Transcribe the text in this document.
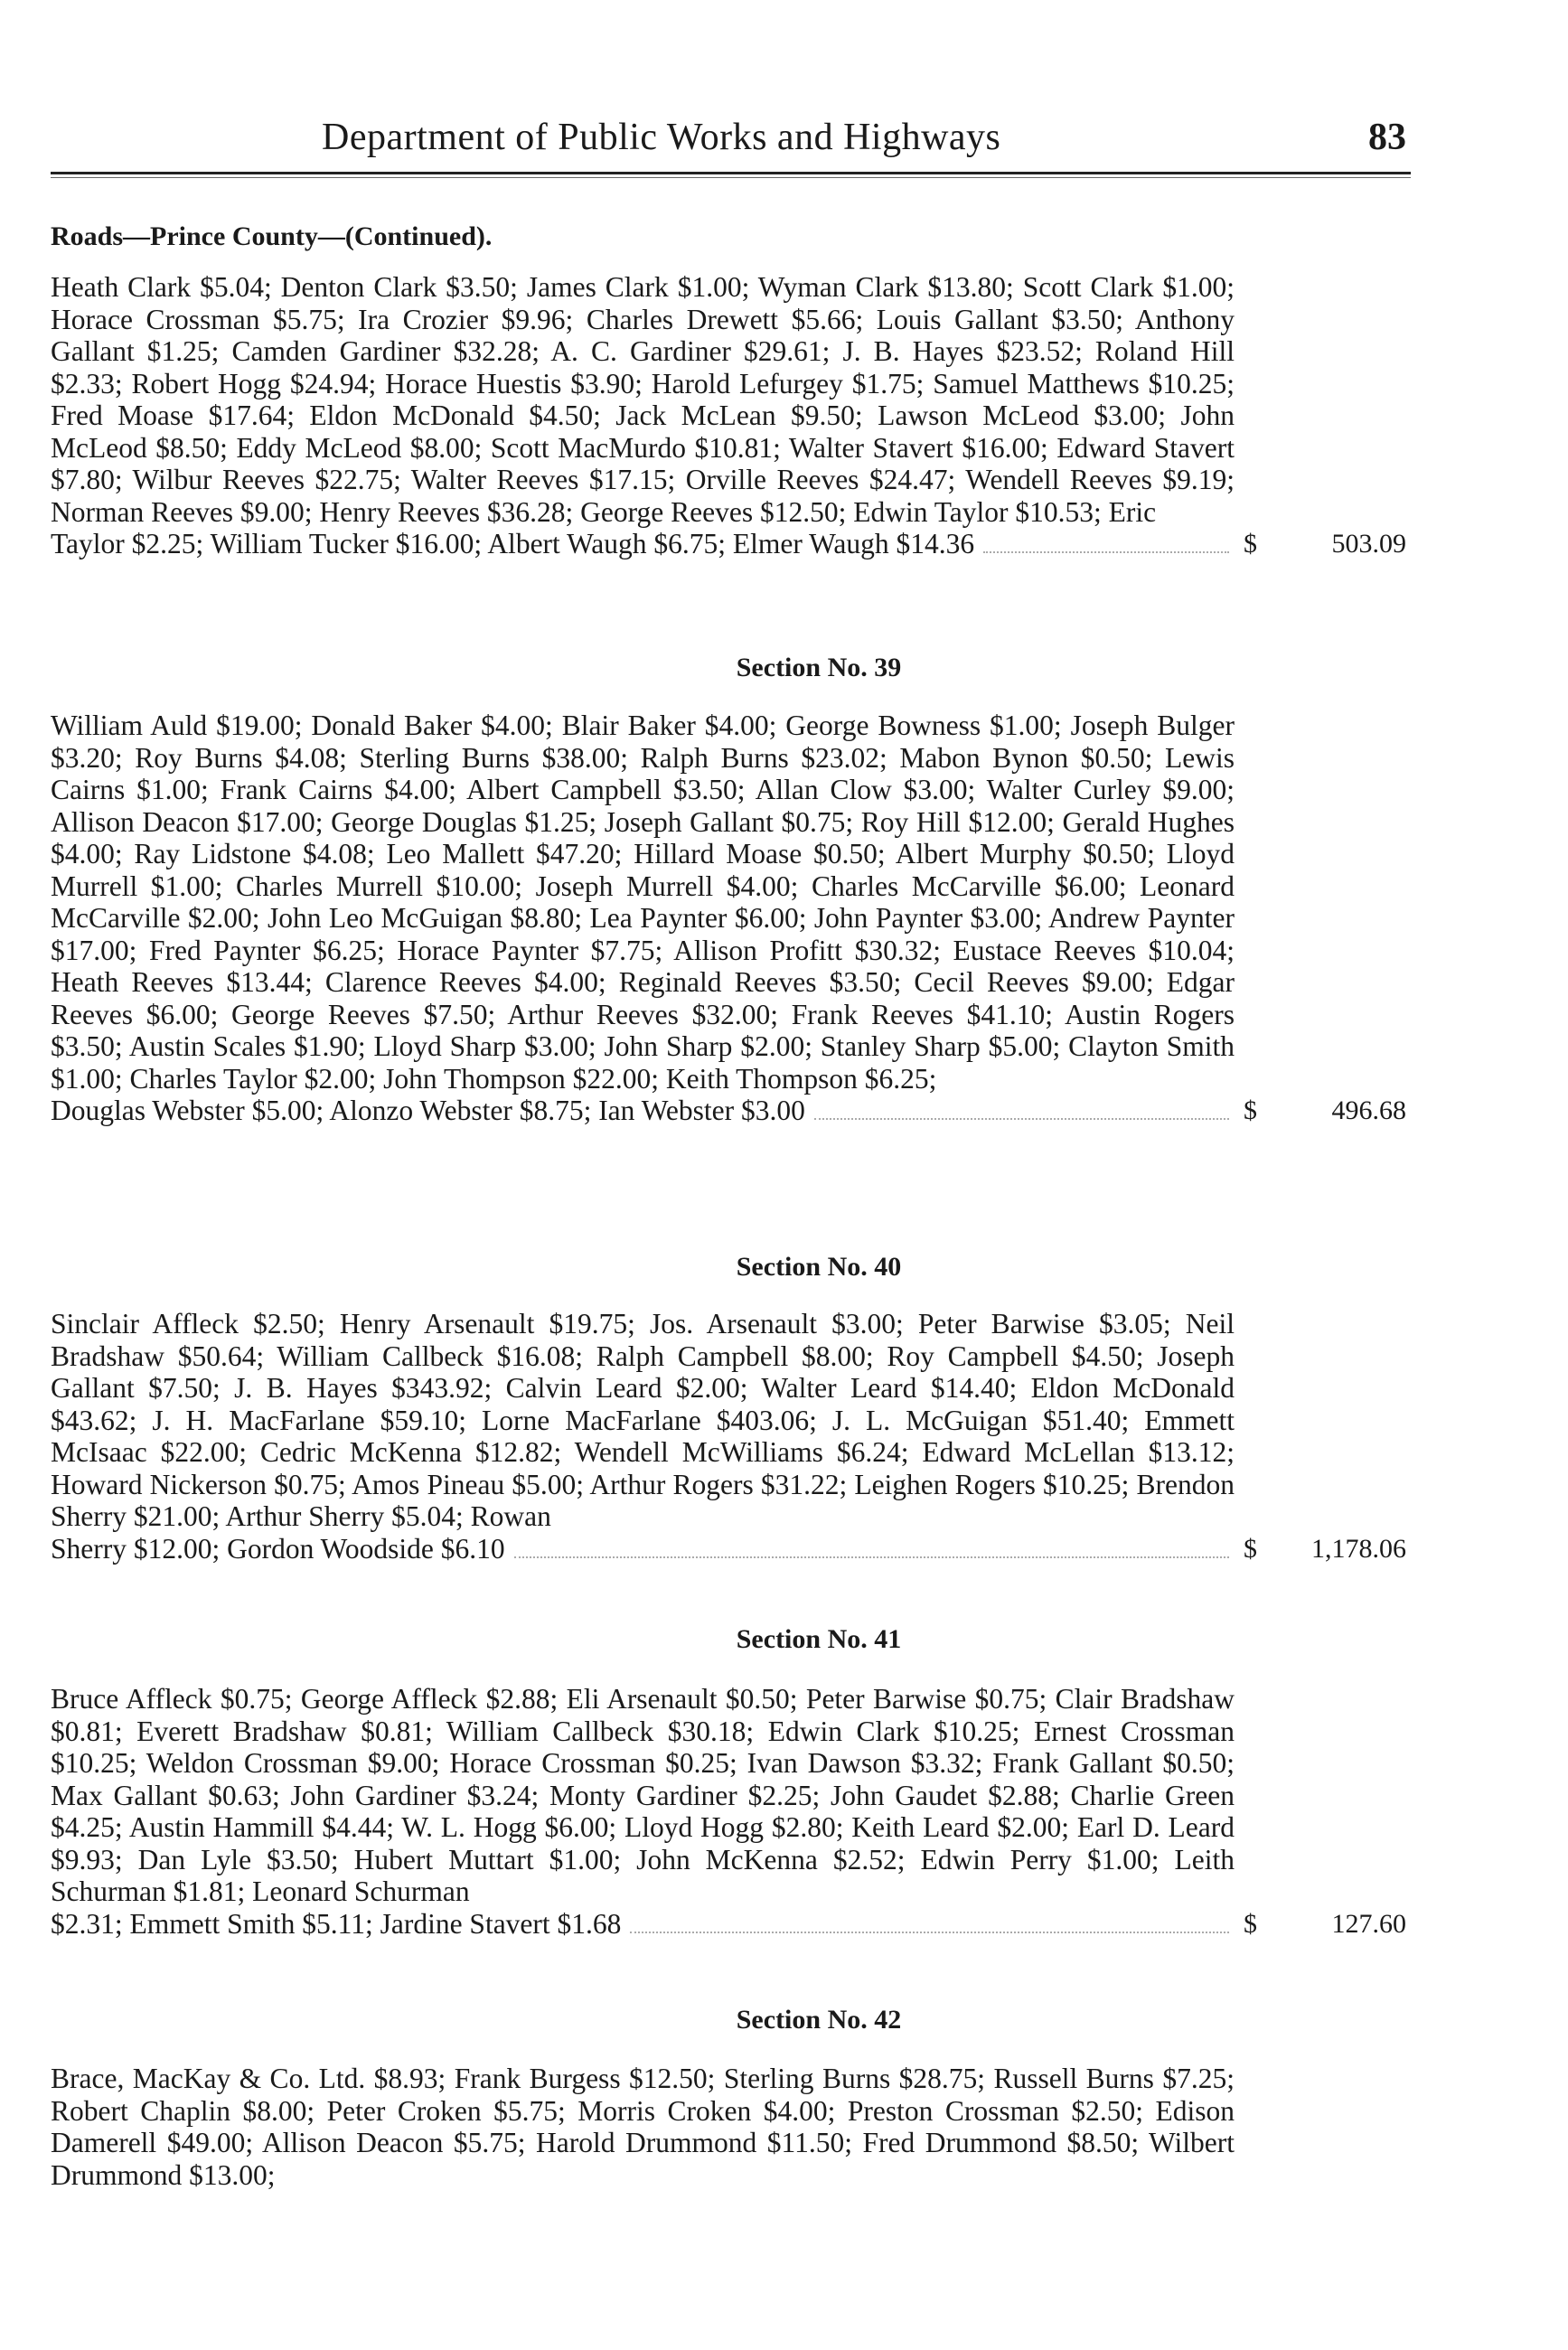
Department of Public Works and Highways	83
Roads—Prince County—(Continued).
Heath Clark $5.04; Denton Clark $3.50; James Clark $1.00; Wyman Clark $13.80; Scott Clark $1.00; Horace Crossman $5.75; Ira Crozier $9.96; Charles Drewett $5.66; Louis Gallant $3.50; Anthony Gallant $1.25; Camden Gardiner $32.28; A. C. Gardiner $29.61; J. B. Hayes $23.52; Roland Hill $2.33; Robert Hogg $24.94; Horace Huestis $3.90; Harold Lefurgey $1.75; Samuel Matthews $10.25; Fred Moase $17.64; Eldon McDonald $4.50; Jack McLean $9.50; Lawson McLeod $3.00; John McLeod $8.50; Eddy McLeod $8.00; Scott MacMurdo $10.81; Walter Stavert $16.00; Edward Stavert $7.80; Wilbur Reeves $22.75; Walter Reeves $17.15; Orville Reeves $24.47; Wendell Reeves $9.19; Norman Reeves $9.00; Henry Reeves $36.28; George Reeves $12.50; Edwin Taylor $10.53; Eric
Taylor $2.25; William Tucker $16.00; Albert Waugh $6.75; Elmer Waugh $14.36	$	503.09
Section No. 39
William Auld $19.00; Donald Baker $4.00; Blair Baker $4.00; George Bowness $1.00; Joseph Bulger $3.20; Roy Burns $4.08; Sterling Burns $38.00; Ralph Burns $23.02; Mabon Bynon $0.50; Lewis Cairns $1.00; Frank Cairns $4.00; Albert Campbell $3.50; Allan Clow $3.00; Walter Curley $9.00; Allison Deacon $17.00; George Douglas $1.25; Joseph Gallant $0.75; Roy Hill $12.00; Gerald Hughes $4.00; Ray Lidstone $4.08; Leo Mallett $47.20; Hillard Moase $0.50; Albert Murphy $0.50; Lloyd Murrell $1.00; Charles Murrell $10.00; Joseph Murrell $4.00; Charles McCarville $6.00; Leonard McCarville $2.00; John Leo McGuigan $8.80; Lea Paynter $6.00; John Paynter $3.00; Andrew Paynter $17.00; Fred Paynter $6.25; Horace Paynter $7.75; Allison Profitt $30.32; Eustace Reeves $10.04; Heath Reeves $13.44; Clarence Reeves $4.00; Reginald Reeves $3.50; Cecil Reeves $9.00; Edgar Reeves $6.00; George Reeves $7.50; Arthur Reeves $32.00; Frank Reeves $41.10; Austin Rogers $3.50; Austin Scales $1.90; Lloyd Sharp $3.00; John Sharp $2.00; Stanley Sharp $5.00; Clayton Smith $1.00; Charles Taylor $2.00; John Thompson $22.00; Keith Thompson $6.25;
Douglas Webster $5.00; Alonzo Webster $8.75; Ian Webster $3.00	$	496.68
Section No. 40
Sinclair Affleck $2.50; Henry Arsenault $19.75; Jos. Arsenault $3.00; Peter Barwise $3.05; Neil Bradshaw $50.64; William Callbeck $16.08; Ralph Campbell $8.00; Roy Campbell $4.50; Joseph Gallant $7.50; J. B. Hayes $343.92; Calvin Leard $2.00; Walter Leard $14.40; Eldon McDonald $43.62; J. H. MacFarlane $59.10; Lorne MacFarlane $403.06; J. L. McGuigan $51.40; Emmett McIsaac $22.00; Cedric McKenna $12.82; Wendell McWilliams $6.24; Edward McLellan $13.12; Howard Nickerson $0.75; Amos Pineau $5.00; Arthur Rogers $31.22; Leighen Rogers $10.25; Brendon Sherry $21.00; Arthur Sherry $5.04; Rowan
Sherry $12.00; Gordon Woodside $6.10	$ 1,178.06
Section No. 41
Bruce Affleck $0.75; George Affleck $2.88; Eli Arsenault $0.50; Peter Barwise $0.75; Clair Bradshaw $0.81; Everett Bradshaw $0.81; William Callbeck $30.18; Edwin Clark $10.25; Ernest Crossman $10.25; Weldon Crossman $9.00; Horace Crossman $0.25; Ivan Dawson $3.32; Frank Gallant $0.50; Max Gallant $0.63; John Gardiner $3.24; Monty Gardiner $2.25; John Gaudet $2.88; Charlie Green $4.25; Austin Hammill $4.44; W. L. Hogg $6.00; Lloyd Hogg $2.80; Keith Leard $2.00; Earl D. Leard $9.93; Dan Lyle $3.50; Hubert Muttart $1.00; John McKenna $2.52; Edwin Perry $1.00; Leith Schurman $1.81; Leonard Schurman
$2.31; Emmett Smith $5.11; Jardine Stavert $1.68	$	127.60
Section No. 42
Brace, MacKay & Co. Ltd. $8.93; Frank Burgess $12.50; Sterling Burns $28.75; Russell Burns $7.25; Robert Chaplin $8.00; Peter Croken $5.75; Morris Croken $4.00; Preston Crossman $2.50; Edison Damerell $49.00; Allison Deacon $5.75; Harold Drummond $11.50; Fred Drummond $8.50; Wilbert Drummond $13.00;
